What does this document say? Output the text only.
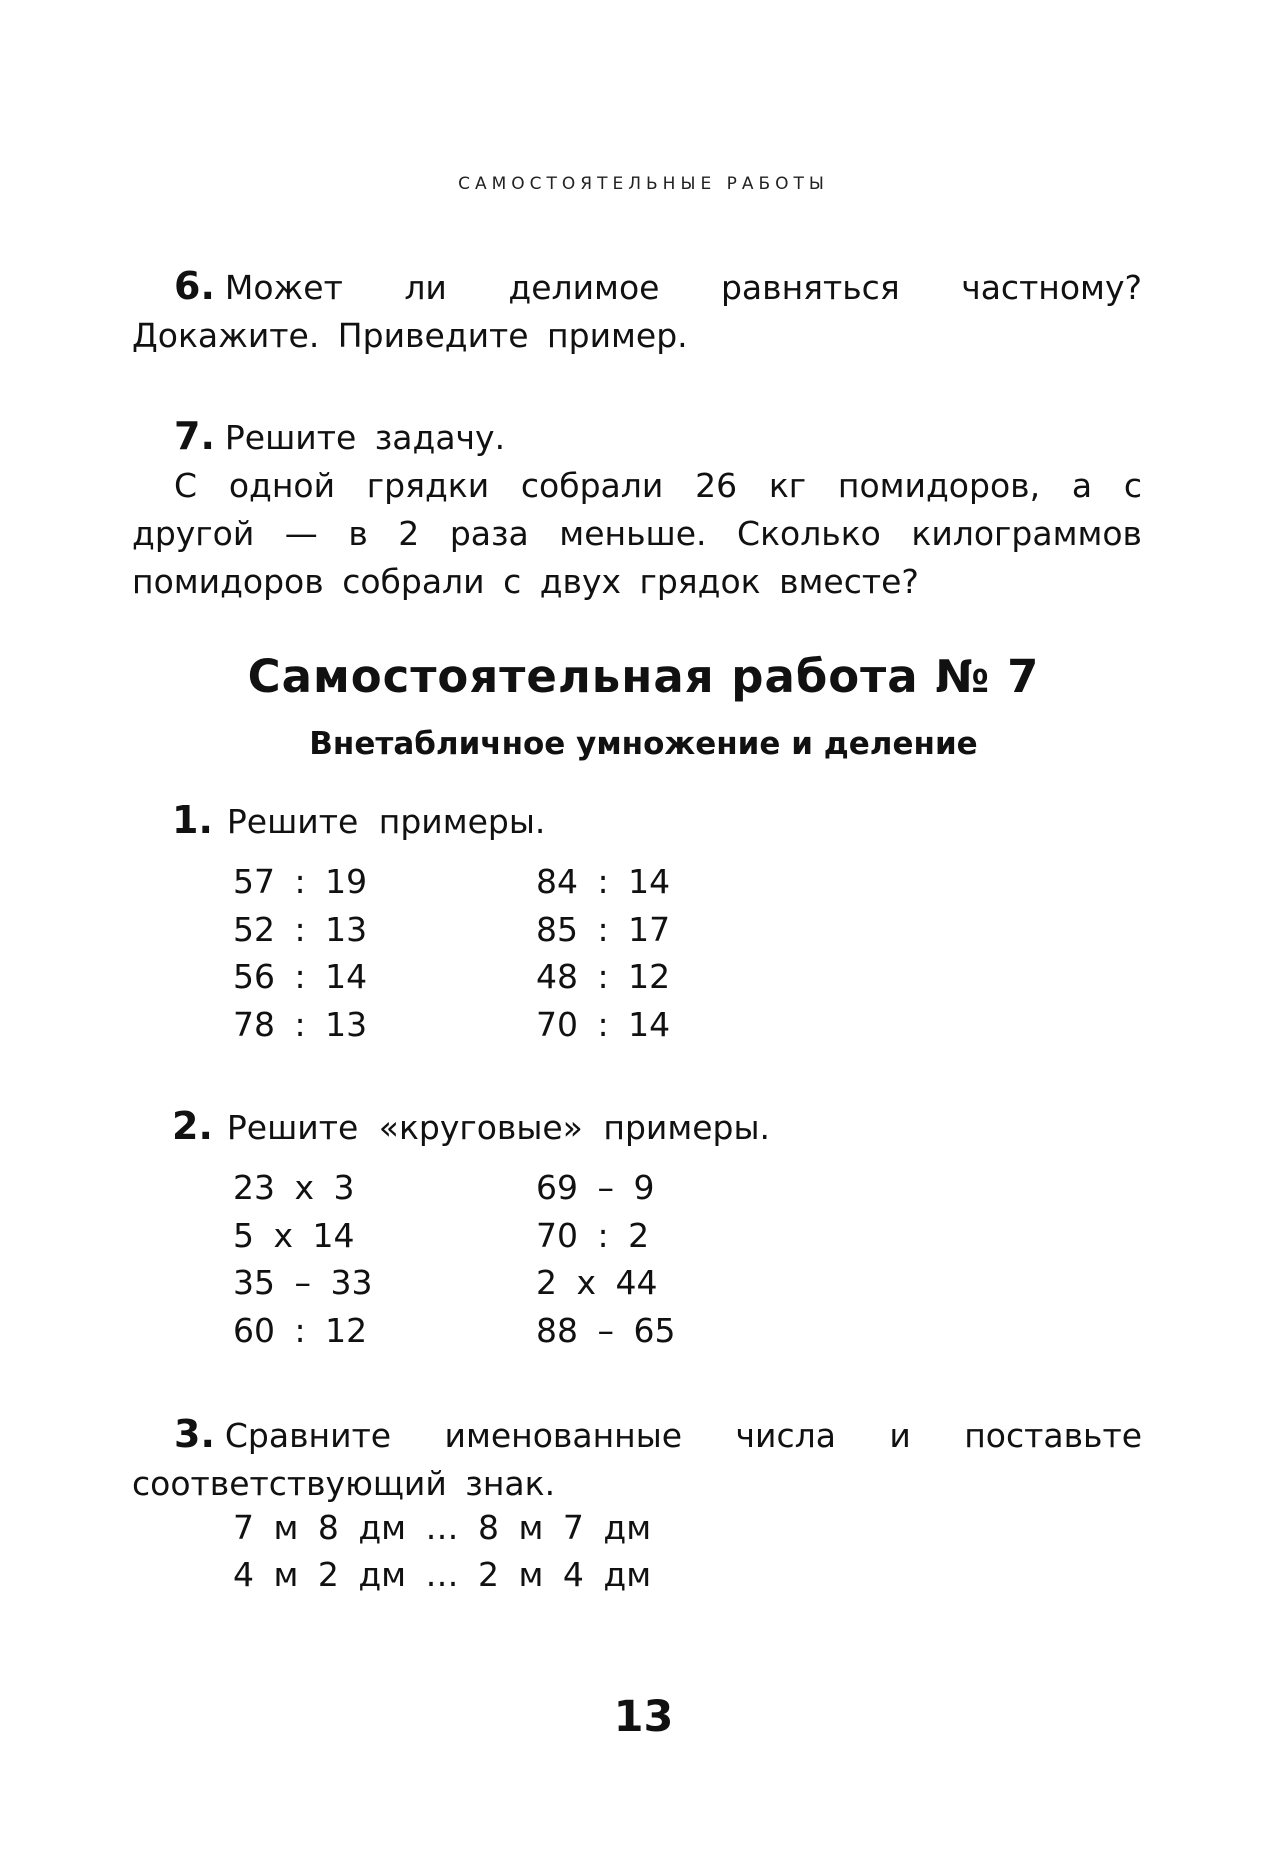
САМОСТОЯТЕЛЬНЫЕ РАБОТЫ

6. Может ли делимое равняться частному? Докажите. Приведите пример.

7. Решите задачу.

С одной грядки собрали 26 кг помидоров, а с другой — в 2 раза меньше. Сколько килограммов помидоров собрали с двух грядок вместе?

Самостоятельная работа № 7
Внетабличное умножение и деление
1. Решите примеры.
57 : 19	84 : 14
52 : 13	85 : 17
56 : 14	48 : 12
78 : 13	70 : 14
2. Решите «круговые» примеры.
23 x 3	69 – 9
5 x 14	70 : 2
35 – 33	2 x 44
60 : 12	88 – 65

3. Сравните именованные числа и поставьте соответствующий знак.

7 м 8 дм … 8 м 7 дм
4 м 2 дм … 2 м 4 дм
13
